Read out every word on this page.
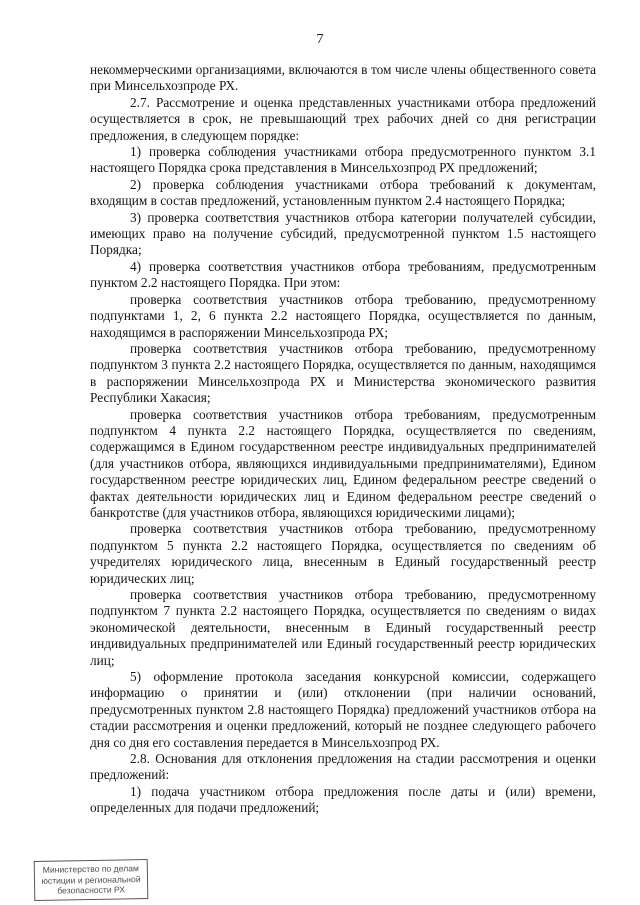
7

некоммерческими организациями, включаются в том числе члены общественного совета при Минсельхозпроде РХ.

2.7. Рассмотрение и оценка представленных участниками отбора предложений осуществляется в срок, не превышающий трех рабочих дней со дня регистрации предложения, в следующем порядке:

1) проверка соблюдения участниками отбора предусмотренного пунктом 3.1 настоящего Порядка срока представления в Минсельхозпрод РХ предложений;

2) проверка соблюдения участниками отбора требований к документам, входящим в состав предложений, установленным пунктом 2.4 настоящего Порядка;

3) проверка соответствия участников отбора категории получателей субсидии, имеющих право на получение субсидий, предусмотренной пунктом 1.5 настоящего Порядка;

4) проверка соответствия участников отбора требованиям, предусмотренным пунктом 2.2 настоящего Порядка. При этом:

проверка соответствия участников отбора требованию, предусмотренному подпунктами 1, 2, 6 пункта 2.2 настоящего Порядка, осуществляется по данным, находящимся в распоряжении Минсельхозпрода РХ;

проверка соответствия участников отбора требованию, предусмотренному подпунктом 3 пункта 2.2 настоящего Порядка, осуществляется по данным, находящимся в распоряжении Минсельхозпрода РХ и Министерства экономического развития Республики Хакасия;

проверка соответствия участников отбора требованиям, предусмотренным подпунктом 4 пункта 2.2 настоящего Порядка, осуществляется по сведениям, содержащимся в Едином государственном реестре индивидуальных предпринимателей (для участников отбора, являющихся индивидуальными предпринимателями), Едином государственном реестре юридических лиц, Едином федеральном реестре сведений о фактах деятельности юридических лиц и Едином федеральном реестре сведений о банкротстве (для участников отбора, являющихся юридическими лицами);

проверка соответствия участников отбора требованию, предусмотренному подпунктом 5 пункта 2.2 настоящего Порядка, осуществляется по сведениям об учредителях юридического лица, внесенным в Единый государственный реестр юридических лиц;

проверка соответствия участников отбора требованию, предусмотренному подпунктом 7 пункта 2.2 настоящего Порядка, осуществляется по сведениям о видах экономической деятельности, внесенным в Единый государственный реестр индивидуальных предпринимателей или Единый государственный реестр юридических лиц;

5) оформление протокола заседания конкурсной комиссии, содержащего информацию о принятии и (или) отклонении (при наличии оснований, предусмотренных пунктом 2.8 настоящего Порядка) предложений участников отбора на стадии рассмотрения и оценки предложений, который не позднее следующего рабочего дня со дня его составления передается в Минсельхозпрод РХ.

2.8. Основания для отклонения предложения на стадии рассмотрения и оценки предложений:

1) подача участником отбора предложения после даты и (или) времени, определенных для подачи предложений;

Министерство по делам
юстиции и региональной
безопасности РХ
